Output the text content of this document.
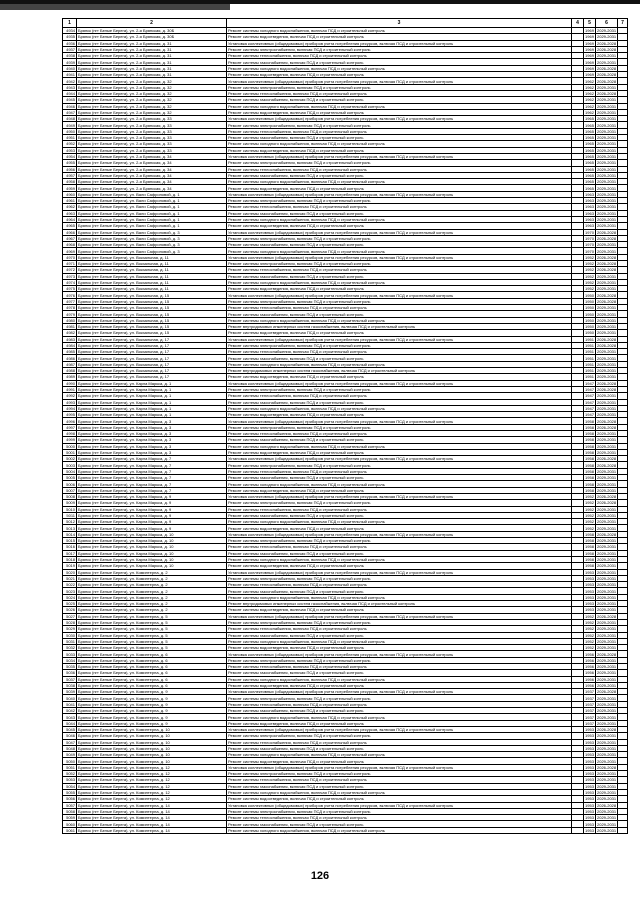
1	2	3	4	5	6	7
4934	Брянск (пгт Белые Берега), ул. 2-я Брянская, д. 30Б	Ремонт системы холодного водоснабжения, включая ПСД и строительный контроль		1969	2029-2031	
4935	Брянск (пгт Белые Берега), ул. 2-я Брянская, д. 30Б	Ремонт системы водоотведения, включая ПСД и строительный контроль		1969	2029-2031	
4936	Брянск (пгт Белые Берега), ул. 2-я Брянская, д. 31	Установка коллективных (общедомовых) приборов учета потребления ресурсов, включая ПСД и строительный контроль		1969	2026-2028	
4937	Брянск (пгт Белые Берега), ул. 2-я Брянская, д. 31	Ремонт системы электроснабжения, включая ПСД и строительный контроль		1969	2026-2028	
4938	Брянск (пгт Белые Берега), ул. 2-я Брянская, д. 31	Ремонт системы теплоснабжения, включая ПСД и строительный контроль		1969	2029-2031	
4939	Брянск (пгт Белые Берега), ул. 2-я Брянская, д. 31	Ремонт системы газоснабжения, включая ПСД и строительный контроль		1969	2029-2031	
4940	Брянск (пгт Белые Берега), ул. 2-я Брянская, д. 31	Ремонт системы холодного водоснабжения, включая ПСД и строительный контроль		1969	2026-2028	
4941	Брянск (пгт Белые Берега), ул. 2-я Брянская, д. 31	Ремонт системы водоотведения, включая ПСД и строительный контроль		1969	2026-2028	
4942	Брянск (пгт Белые Берега), ул. 2-я Брянская, д. 32	Установка коллективных (общедомовых) приборов учета потребления ресурсов, включая ПСД и строительный контроль		1962	2026-2028	
4943	Брянск (пгт Белые Берега), ул. 2-я Брянская, д. 32	Ремонт системы электроснабжения, включая ПСД и строительный контроль		1962	2029-2031	
4944	Брянск (пгт Белые Берега), ул. 2-я Брянская, д. 32	Ремонт системы теплоснабжения, включая ПСД и строительный контроль		1962	2026-2028	
4945	Брянск (пгт Белые Берега), ул. 2-я Брянская, д. 32	Ремонт системы газоснабжения, включая ПСД и строительный контроль		1962	2029-2031	
4946	Брянск (пгт Белые Берега), ул. 2-я Брянская, д. 32	Ремонт системы холодного водоснабжения, включая ПСД и строительный контроль		1962	2029-2031	
4947	Брянск (пгт Белые Берега), ул. 2-я Брянская, д. 32	Ремонт системы водоотведения, включая ПСД и строительный контроль		1962	2029-2031	
4948	Брянск (пгт Белые Берега), ул. 2-я Брянская, д. 33	Установка коллективных (общедомовых) приборов учета потребления ресурсов, включая ПСД и строительный контроль		1965	2029-2031	
4949	Брянск (пгт Белые Берега), ул. 2-я Брянская, д. 33	Ремонт системы электроснабжения, включая ПСД и строительный контроль		1965	2029-2031	
4950	Брянск (пгт Белые Берега), ул. 2-я Брянская, д. 33	Ремонт системы теплоснабжения, включая ПСД и строительный контроль		1965	2029-2031	
4951	Брянск (пгт Белые Берега), ул. 2-я Брянская, д. 33	Ремонт системы газоснабжения, включая ПСД и строительный контроль		1965	2029-2031	
4952	Брянск (пгт Белые Берега), ул. 2-я Брянская, д. 33	Ремонт системы холодного водоснабжения, включая ПСД и строительный контроль		1965	2029-2031	
4953	Брянск (пгт Белые Берега), ул. 2-я Брянская, д. 33	Ремонт системы водоотведения, включая ПСД и строительный контроль		1965	2029-2031	
4954	Брянск (пгт Белые Берега), ул. 2-я Брянская, д. 34	Установка коллективных (общедомовых) приборов учета потребления ресурсов, включая ПСД и строительный контроль		1965	2029-2031	
4955	Брянск (пгт Белые Берега), ул. 2-я Брянская, д. 34	Ремонт системы электроснабжения, включая ПСД и строительный контроль		1965	2029-2031	
4956	Брянск (пгт Белые Берега), ул. 2-я Брянская, д. 34	Ремонт системы теплоснабжения, включая ПСД и строительный контроль		1965	2029-2031	
4957	Брянск (пгт Белые Берега), ул. 2-я Брянская, д. 34	Ремонт системы газоснабжения, включая ПСД и строительный контроль		1965	2029-2031	
4958	Брянск (пгт Белые Берега), ул. 2-я Брянская, д. 34	Ремонт системы холодного водоснабжения, включая ПСД и строительный контроль		1965	2029-2031	
4959	Брянск (пгт Белые Берега), ул. 2-я Брянская, д. 34	Ремонт системы водоотведения, включая ПСД и строительный контроль		1965	2029-2031	
4960	Брянск (пгт Белые Берега), ул. Вали Сафроновой, д. 1	Установка коллективных (общедомовых) приборов учета потребления ресурсов, включая ПСД и строительный контроль		1963	2029-2031	
4961	Брянск (пгт Белые Берега), ул. Вали Сафроновой, д. 1	Ремонт системы электроснабжения, включая ПСД и строительный контроль		1963	2029-2031	
4962	Брянск (пгт Белые Берега), ул. Вали Сафроновой, д. 1	Ремонт системы теплоснабжения, включая ПСД и строительный контроль		1963	2029-2031	
4963	Брянск (пгт Белые Берега), ул. Вали Сафроновой, д. 1	Ремонт системы газоснабжения, включая ПСД и строительный контроль		1963	2029-2031	
4964	Брянск (пгт Белые Берега), ул. Вали Сафроновой, д. 1	Ремонт системы холодного водоснабжения, включая ПСД и строительный контроль		1963	2029-2031	
4965	Брянск (пгт Белые Берега), ул. Вали Сафроновой, д. 1	Ремонт системы водоотведения, включая ПСД и строительный контроль		1963	2029-2031	
4966	Брянск (пгт Белые Берега), ул. Вали Сафроновой, д. 3	Установка коллективных (общедомовых) приборов учета потребления ресурсов, включая ПСД и строительный контроль		1970	2026-2028	
4967	Брянск (пгт Белые Берега), ул. Вали Сафроновой, д. 3	Ремонт системы электроснабжения, включая ПСД и строительный контроль		1970	2026-2028	
4968	Брянск (пгт Белые Берега), ул. Вали Сафроновой, д. 3	Ремонт системы газоснабжения, включая ПСД и строительный контроль		1970	2029-2031	
4969	Брянск (пгт Белые Берега), ул. Вали Сафроновой, д. 3	Ремонт системы холодного водоснабжения, включая ПСД и строительный контроль		1970	2029-2031	
4970	Брянск (пгт Белые Берега), ул. Вокзальная, д. 11	Установка коллективных (общедомовых) приборов учета потребления ресурсов, включая ПСД и строительный контроль		1952	2026-2028	
4971	Брянск (пгт Белые Берега), ул. Вокзальная, д. 11	Ремонт системы электроснабжения, включая ПСД и строительный контроль		1952	2026-2028	
4972	Брянск (пгт Белые Берега), ул. Вокзальная, д. 11	Ремонт системы теплоснабжения, включая ПСД и строительный контроль		1952	2026-2028	
4973	Брянск (пгт Белые Берега), ул. Вокзальная, д. 11	Ремонт системы газоснабжения, включая ПСД и строительный контроль		1952	2029-2031	
4974	Брянск (пгт Белые Берега), ул. Вокзальная, д. 11	Ремонт системы холодного водоснабжения, включая ПСД и строительный контроль		1952	2029-2031	
4975	Брянск (пгт Белые Берега), ул. Вокзальная, д. 11	Ремонт системы водоотведения, включая ПСД и строительный контроль		1952	2029-2031	
4976	Брянск (пгт Белые Берега), ул. Вокзальная, д. 15	Установка коллективных (общедомовых) приборов учета потребления ресурсов, включая ПСД и строительный контроль		1950	2026-2028	
4977	Брянск (пгт Белые Берега), ул. Вокзальная, д. 15	Ремонт системы электроснабжения, включая ПСД и строительный контроль		1950	2026-2028	
4978	Брянск (пгт Белые Берега), ул. Вокзальная, д. 15	Ремонт системы теплоснабжения, включая ПСД и строительный контроль		1950	2029-2031	
4979	Брянск (пгт Белые Берега), ул. Вокзальная, д. 15	Ремонт системы газоснабжения, включая ПСД и строительный контроль		1950	2029-2031	
4980	Брянск (пгт Белые Берега), ул. Вокзальная, д. 15	Ремонт системы холодного водоснабжения, включая ПСД и строительный контроль		1950	2029-2031	
4981	Брянск (пгт Белые Берега), ул. Вокзальная, д. 15	Ремонт внутридомовых инженерных систем газоснабжения, включая ПСД и строительный контроль		1950	2029-2031	
4982	Брянск (пгт Белые Берега), ул. Вокзальная, д. 15	Ремонт системы водоотведения, включая ПСД и строительный контроль		1950	2029-2031	
4983	Брянск (пгт Белые Берега), ул. Вокзальная, д. 17	Установка коллективных (общедомовых) приборов учета потребления ресурсов, включая ПСД и строительный контроль		1951	2026-2028	
4984	Брянск (пгт Белые Берега), ул. Вокзальная, д. 17	Ремонт системы электроснабжения, включая ПСД и строительный контроль		1951	2026-2028	
4985	Брянск (пгт Белые Берега), ул. Вокзальная, д. 17	Ремонт системы теплоснабжения, включая ПСД и строительный контроль		1951	2029-2031	
4986	Брянск (пгт Белые Берега), ул. Вокзальная, д. 17	Ремонт системы газоснабжения, включая ПСД и строительный контроль		1951	2029-2031	
4987	Брянск (пгт Белые Берега), ул. Вокзальная, д. 17	Ремонт системы холодного водоснабжения, включая ПСД и строительный контроль		1951	2029-2031	
4988	Брянск (пгт Белые Берега), ул. Вокзальная, д. 17	Ремонт внутридомовых инженерных систем газоснабжения, включая ПСД и строительный контроль		1951	2029-2031	
4989	Брянск (пгт Белые Берега), ул. Вокзальная, д. 17	Ремонт системы водоотведения, включая ПСД и строительный контроль		1951	2029-2031	
4990	Брянск (пгт Белые Берега), ул. Карла Маркса, д. 1	Установка коллективных (общедомовых) приборов учета потребления ресурсов, включая ПСД и строительный контроль		1947	2026-2028	
4991	Брянск (пгт Белые Берега), ул. Карла Маркса, д. 1	Ремонт системы электроснабжения, включая ПСД и строительный контроль		1947	2026-2028	
4992	Брянск (пгт Белые Берега), ул. Карла Маркса, д. 1	Ремонт системы теплоснабжения, включая ПСД и строительный контроль		1947	2029-2031	
4993	Брянск (пгт Белые Берега), ул. Карла Маркса, д. 1	Ремонт системы газоснабжения, включая ПСД и строительный контроль		1947	2029-2031	
4994	Брянск (пгт Белые Берега), ул. Карла Маркса, д. 1	Ремонт системы холодного водоснабжения, включая ПСД и строительный контроль		1947	2029-2031	
4995	Брянск (пгт Белые Берега), ул. Карла Маркса, д. 1	Ремонт системы водоотведения, включая ПСД и строительный контроль		1947	2029-2031	
4996	Брянск (пгт Белые Берега), ул. Карла Маркса, д. 3	Установка коллективных (общедомовых) приборов учета потребления ресурсов, включая ПСД и строительный контроль		1958	2026-2028	
4997	Брянск (пгт Белые Берега), ул. Карла Маркса, д. 3	Ремонт системы электроснабжения, включая ПСД и строительный контроль		1958	2026-2028	
4998	Брянск (пгт Белые Берега), ул. Карла Маркса, д. 3	Ремонт системы теплоснабжения, включая ПСД и строительный контроль		1958	2029-2031	
4999	Брянск (пгт Белые Берега), ул. Карла Маркса, д. 3	Ремонт системы газоснабжения, включая ПСД и строительный контроль		1958	2029-2031	
5000	Брянск (пгт Белые Берега), ул. Карла Маркса, д. 3	Ремонт системы холодного водоснабжения, включая ПСД и строительный контроль		1958	2029-2031	
5001	Брянск (пгт Белые Берега), ул. Карла Маркса, д. 3	Ремонт системы водоотведения, включая ПСД и строительный контроль		1958	2029-2031	
5002	Брянск (пгт Белые Берега), ул. Карла Маркса, д. 7	Установка коллективных (общедомовых) приборов учета потребления ресурсов, включая ПСД и строительный контроль		1958	2026-2028	
5003	Брянск (пгт Белые Берега), ул. Карла Маркса, д. 7	Ремонт системы электроснабжения, включая ПСД и строительный контроль		1958	2026-2028	
5004	Брянск (пгт Белые Берега), ул. Карла Маркса, д. 7	Ремонт системы теплоснабжения, включая ПСД и строительный контроль		1958	2029-2031	
5005	Брянск (пгт Белые Берега), ул. Карла Маркса, д. 7	Ремонт системы газоснабжения, включая ПСД и строительный контроль		1958	2029-2031	
5006	Брянск (пгт Белые Берега), ул. Карла Маркса, д. 7	Ремонт системы холодного водоснабжения, включая ПСД и строительный контроль		1958	2029-2031	
5007	Брянск (пгт Белые Берега), ул. Карла Маркса, д. 7	Ремонт системы водоотведения, включая ПСД и строительный контроль		1958	2029-2031	
5008	Брянск (пгт Белые Берега), ул. Карла Маркса, д. 9	Установка коллективных (общедомовых) приборов учета потребления ресурсов, включая ПСД и строительный контроль		1952	2026-2028	
5009	Брянск (пгт Белые Берега), ул. Карла Маркса, д. 9	Ремонт системы электроснабжения, включая ПСД и строительный контроль		1952	2026-2028	
5010	Брянск (пгт Белые Берега), ул. Карла Маркса, д. 9	Ремонт системы теплоснабжения, включая ПСД и строительный контроль		1952	2029-2031	
5011	Брянск (пгт Белые Берега), ул. Карла Маркса, д. 9	Ремонт системы газоснабжения, включая ПСД и строительный контроль		1952	2029-2031	
5012	Брянск (пгт Белые Берега), ул. Карла Маркса, д. 9	Ремонт системы холодного водоснабжения, включая ПСД и строительный контроль		1952	2029-2031	
5013	Брянск (пгт Белые Берега), ул. Карла Маркса, д. 9	Ремонт системы водоотведения, включая ПСД и строительный контроль		1952	2029-2031	
5014	Брянск (пгт Белые Берега), ул. Карла Маркса, д. 10	Установка коллективных (общедомовых) приборов учета потребления ресурсов, включая ПСД и строительный контроль		1958	2026-2028	
5015	Брянск (пгт Белые Берега), ул. Карла Маркса, д. 10	Ремонт системы электроснабжения, включая ПСД и строительный контроль		1958	2029-2031	
5016	Брянск (пгт Белые Берега), ул. Карла Маркса, д. 10	Ремонт системы теплоснабжения, включая ПСД и строительный контроль		1958	2029-2031	
5017	Брянск (пгт Белые Берега), ул. Карла Маркса, д. 10	Ремонт системы газоснабжения, включая ПСД и строительный контроль		1958	2029-2031	
5018	Брянск (пгт Белые Берега), ул. Карла Маркса, д. 10	Ремонт системы холодного водоснабжения, включая ПСД и строительный контроль		1958	2029-2031	
5019	Брянск (пгт Белые Берега), ул. Карла Маркса, д. 10	Ремонт системы водоотведения, включая ПСД и строительный контроль		1958	2029-2031	
5020	Брянск (пгт Белые Берега), ул. Коминтерна, д. 2	Установка коллективных (общедомовых) приборов учета потребления ресурсов, включая ПСД и строительный контроль		1953	2029-2031	
5021	Брянск (пгт Белые Берега), ул. Коминтерна, д. 2	Ремонт системы электроснабжения, включая ПСД и строительный контроль		1953	2029-2031	
5022	Брянск (пгт Белые Берега), ул. Коминтерна, д. 2	Ремонт системы теплоснабжения, включая ПСД и строительный контроль		1953	2029-2031	
5023	Брянск (пгт Белые Берега), ул. Коминтерна, д. 2	Ремонт системы газоснабжения, включая ПСД и строительный контроль		1953	2029-2031	
5024	Брянск (пгт Белые Берега), ул. Коминтерна, д. 2	Ремонт системы холодного водоснабжения, включая ПСД и строительный контроль		1953	2029-2031	
5025	Брянск (пгт Белые Берега), ул. Коминтерна, д. 2	Ремонт внутридомовых инженерных систем газоснабжения, включая ПСД и строительный контроль		1953	2029-2031	
5026	Брянск (пгт Белые Берега), ул. Коминтерна, д. 2	Ремонт системы водоотведения, включая ПСД и строительный контроль		1953	2029-2031	
5027	Брянск (пгт Белые Берега), ул. Коминтерна, д. 5	Установка коллективных (общедомовых) приборов учета потребления ресурсов, включая ПСД и строительный контроль		1952	2026-2028	
5028	Брянск (пгт Белые Берега), ул. Коминтерна, д. 5	Ремонт системы электроснабжения, включая ПСД и строительный контроль		1952	2029-2031	
5029	Брянск (пгт Белые Берега), ул. Коминтерна, д. 5	Ремонт системы теплоснабжения, включая ПСД и строительный контроль		1952	2029-2031	
5030	Брянск (пгт Белые Берега), ул. Коминтерна, д. 5	Ремонт системы газоснабжения, включая ПСД и строительный контроль		1952	2029-2031	
5031	Брянск (пгт Белые Берега), ул. Коминтерна, д. 5	Ремонт системы холодного водоснабжения, включая ПСД и строительный контроль		1952	2029-2031	
5032	Брянск (пгт Белые Берега), ул. Коминтерна, д. 5	Ремонт системы водоотведения, включая ПСД и строительный контроль		1952	2029-2031	
5033	Брянск (пгт Белые Берега), ул. Коминтерна, д. 6	Установка коллективных (общедомовых) приборов учета потребления ресурсов, включая ПСД и строительный контроль		1956	2026-2028	
5034	Брянск (пгт Белые Берега), ул. Коминтерна, д. 6	Ремонт системы электроснабжения, включая ПСД и строительный контроль		1956	2029-2031	
5035	Брянск (пгт Белые Берега), ул. Коминтерна, д. 6	Ремонт системы теплоснабжения, включая ПСД и строительный контроль		1956	2029-2031	
5036	Брянск (пгт Белые Берега), ул. Коминтерна, д. 6	Ремонт системы газоснабжения, включая ПСД и строительный контроль		1956	2029-2031	
5037	Брянск (пгт Белые Берега), ул. Коминтерна, д. 6	Ремонт системы холодного водоснабжения, включая ПСД и строительный контроль		1956	2029-2031	
5038	Брянск (пгт Белые Берега), ул. Коминтерна, д. 6	Ремонт системы водоотведения, включая ПСД и строительный контроль		1956	2029-2031	
5039	Брянск (пгт Белые Берега), ул. Коминтерна, д. 9	Установка коллективных (общедомовых) приборов учета потребления ресурсов, включая ПСД и строительный контроль		1937	2026-2028	
5040	Брянск (пгт Белые Берега), ул. Коминтерна, д. 9	Ремонт системы электроснабжения, включая ПСД и строительный контроль		1937	2029-2031	
5041	Брянск (пгт Белые Берега), ул. Коминтерна, д. 9	Ремонт системы теплоснабжения, включая ПСД и строительный контроль		1937	2029-2031	
5042	Брянск (пгт Белые Берега), ул. Коминтерна, д. 9	Ремонт системы газоснабжения, включая ПСД и строительный контроль		1937	2029-2031	
5043	Брянск (пгт Белые Берега), ул. Коминтерна, д. 9	Ремонт системы холодного водоснабжения, включая ПСД и строительный контроль		1937	2029-2031	
5044	Брянск (пгт Белые Берега), ул. Коминтерна, д. 9	Ремонт системы водоотведения, включая ПСД и строительный контроль		1937	2029-2031	
5045	Брянск (пгт Белые Берега), ул. Коминтерна, д. 10	Установка коллективных (общедомовых) приборов учета потребления ресурсов, включая ПСД и строительный контроль		1953	2026-2028	
5046	Брянск (пгт Белые Берега), ул. Коминтерна, д. 10	Ремонт системы электроснабжения, включая ПСД и строительный контроль		1953	2029-2031	
5047	Брянск (пгт Белые Берега), ул. Коминтерна, д. 10	Ремонт системы теплоснабжения, включая ПСД и строительный контроль		1953	2029-2031	
5048	Брянск (пгт Белые Берега), ул. Коминтерна, д. 10	Ремонт системы газоснабжения, включая ПСД и строительный контроль		1953	2029-2031	
5049	Брянск (пгт Белые Берега), ул. Коминтерна, д. 10	Ремонт системы холодного водоснабжения, включая ПСД и строительный контроль		1953	2029-2031	
5050	Брянск (пгт Белые Берега), ул. Коминтерна, д. 10	Ремонт системы водоотведения, включая ПСД и строительный контроль		1953	2029-2031	
5051	Брянск (пгт Белые Берега), ул. Коминтерна, д. 12	Установка коллективных (общедомовых) приборов учета потребления ресурсов, включая ПСД и строительный контроль		1953	2026-2028	
5052	Брянск (пгт Белые Берега), ул. Коминтерна, д. 12	Ремонт системы электроснабжения, включая ПСД и строительный контроль		1953	2029-2031	
5053	Брянск (пгт Белые Берега), ул. Коминтерна, д. 12	Ремонт системы теплоснабжения, включая ПСД и строительный контроль		1953	2029-2031	
5054	Брянск (пгт Белые Берега), ул. Коминтерна, д. 12	Ремонт системы газоснабжения, включая ПСД и строительный контроль		1953	2029-2031	
5055	Брянск (пгт Белые Берега), ул. Коминтерна, д. 12	Ремонт системы холодного водоснабжения, включая ПСД и строительный контроль		1953	2029-2031	
5056	Брянск (пгт Белые Берега), ул. Коминтерна, д. 12	Ремонт системы водоотведения, включая ПСД и строительный контроль		1953	2029-2031	
5057	Брянск (пгт Белые Берега), ул. Коминтерна, д. 14	Установка коллективных (общедомовых) приборов учета потребления ресурсов, включая ПСД и строительный контроль		1953	2026-2028	
5058	Брянск (пгт Белые Берега), ул. Коминтерна, д. 14	Ремонт системы электроснабжения, включая ПСД и строительный контроль		1953	2029-2031	
5059	Брянск (пгт Белые Берега), ул. Коминтерна, д. 14	Ремонт системы теплоснабжения, включая ПСД и строительный контроль		1953	2029-2031	
5060	Брянск (пгт Белые Берега), ул. Коминтерна, д. 14	Ремонт системы газоснабжения, включая ПСД и строительный контроль		1953	2029-2031	
5061	Брянск (пгт Белые Берега), ул. Коминтерна, д. 14	Ремонт системы холодного водоснабжения, включая ПСД и строительный контроль		1953	2029-2031	
126
